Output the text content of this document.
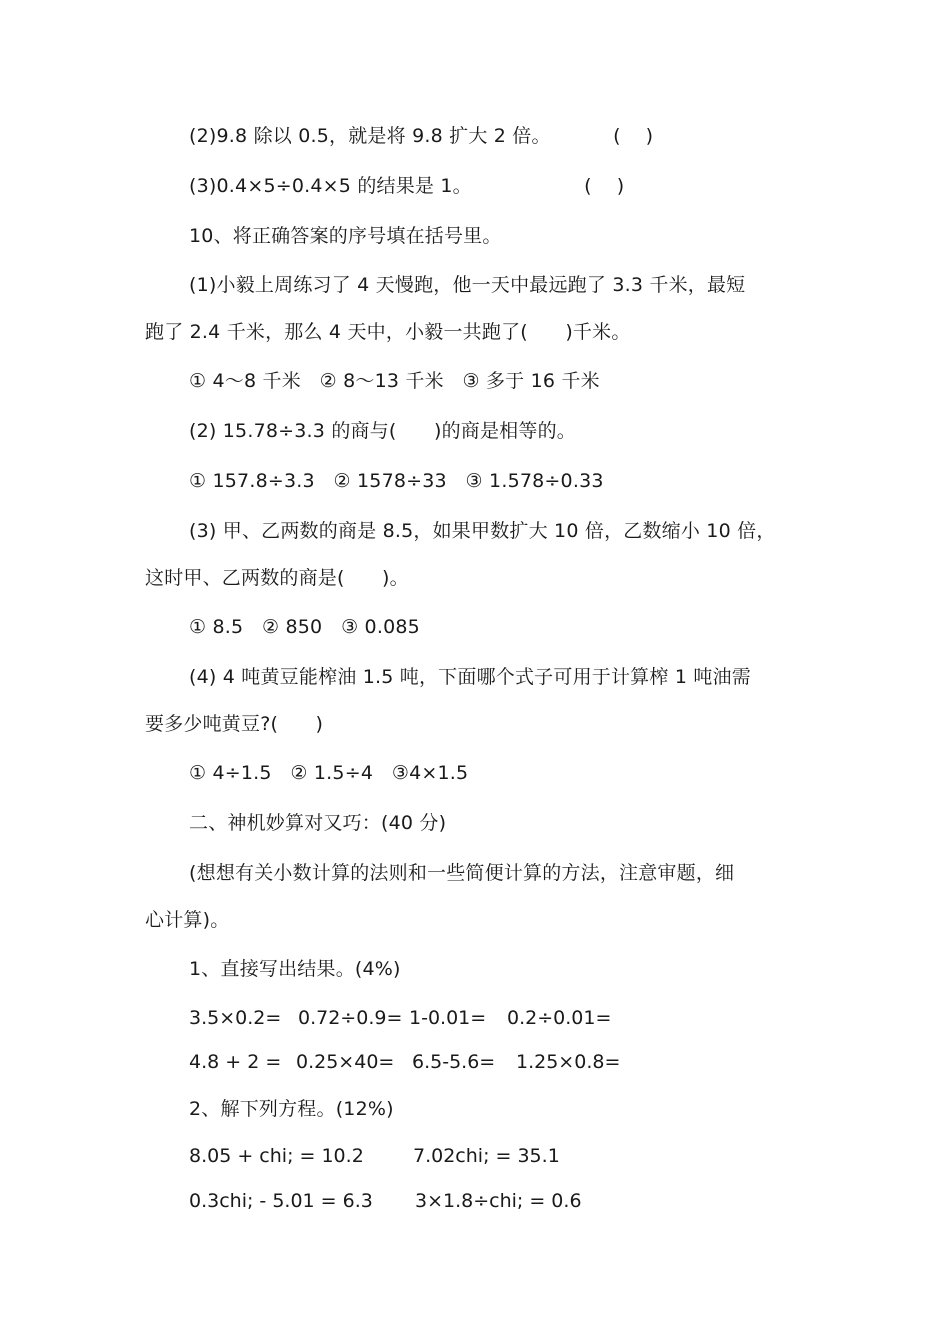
(2)9.8 除以 0.5，就是将 9.8 扩大 2 倍。          (    )
(3)0.4×5÷0.4×5 的结果是 1。                  (    )
10、将正确答案的序号填在括号里。
(1)小毅上周练习了 4 天慢跑，他一天中最远跑了 3.3 千米，最短
跑了 2.4 千米，那么 4 天中，小毅一共跑了(      )千米。
① 4～8 千米   ② 8～13 千米   ③ 多于 16 千米
(2) 15.78÷3.3 的商与(      )的商是相等的。
① 157.8÷3.3   ② 1578÷33   ③ 1.578÷0.33
(3) 甲、乙两数的商是 8.5，如果甲数扩大 10 倍，乙数缩小 10 倍，
这时甲、乙两数的商是(      )。
① 8.5   ② 850   ③ 0.085
(4) 4 吨黄豆能榨油 1.5 吨，下面哪个式子可用于计算榨 1 吨油需
要多少吨黄豆?(      )
① 4÷1.5   ② 1.5÷4   ③4×1.5
二、神机妙算对又巧：(40 分)
(想想有关小数计算的法则和一些简便计算的方法，注意审题，细
心计算)。
1、直接写出结果。(4%)
3.5×0.2= 0.72÷0.9= 1-0.01= 0.2÷0.01=
4.8 + 2 = 0.25×40= 6.5-5.6= 1.25×0.8=
2、解下列方程。(12%)
8.05 + chi; = 10.2	7.02chi; = 35.1
0.3chi; - 5.01 = 6.3 3×1.8÷chi; = 0.6
